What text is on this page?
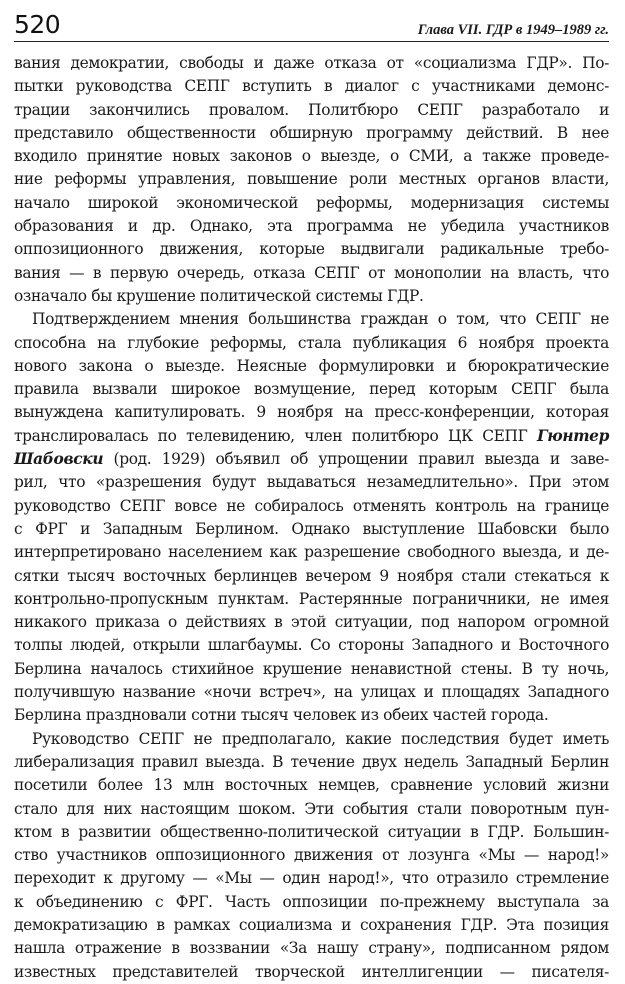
520	Глава VII. ГДР в 1949–1989 гг.
вания демократии, свободы и даже отказа от «социализма ГДР». По-
пытки руководства СЕПГ вступить в диалог с участниками демонс-
трации закончились провалом. Политбюро СЕПГ разработало и
представило общественности обширную программу действий. В нее
входило принятие новых законов о выезде, о СМИ, а также проведе-
ние реформы управления, повышение роли местных органов власти,
начало широкой экономической реформы, модернизация системы
образования и др. Однако, эта программа не убедила участников
оппозиционного движения, которые выдвигали радикальные требо-
вания — в первую очередь, отказа СЕПГ от монополии на власть, что
означало бы крушение политической системы ГДР.
Подтверждением мнения большинства граждан о том, что СЕПГ не
способна на глубокие реформы, стала публикация 6 ноября проекта
нового закона о выезде. Неясные формулировки и бюрократические
правила вызвали широкое возмущение, перед которым СЕПГ была
вынуждена капитулировать. 9 ноября на пресс-конференции, которая
транслировалась по телевидению, член политбюро ЦК СЕПГ Гюнтер
Шабовски (род. 1929) объявил об упрощении правил выезда и заве-
рил, что «разрешения будут выдаваться незамедлительно». При этом
руководство СЕПГ вовсе не собиралось отменять контроль на границе
с ФРГ и Западным Берлином. Однако выступление Шабовски было
интерпретировано населением как разрешение свободного выезда, и де-
сятки тысяч восточных берлинцев вечером 9 ноября стали стекаться к
контрольно-пропускным пунктам. Растерянные пограничники, не имея
никакого приказа о действиях в этой ситуации, под напором огромной
толпы людей, открыли шлагбаумы. Со стороны Западного и Восточного
Берлина началось стихийное крушение ненавистной стены. В ту ночь,
получившую название «ночи встреч», на улицах и площадях Западного
Берлина праздновали сотни тысяч человек из обеих частей города.
Руководство СЕПГ не предполагало, какие последствия будет иметь
либерализация правил выезда. В течение двух недель Западный Берлин
посетили более 13 млн восточных немцев, сравнение условий жизни
стало для них настоящим шоком. Эти события стали поворотным пун-
ктом в развитии общественно-политической ситуации в ГДР. Большин-
ство участников оппозиционного движения от лозунга «Мы — народ!»
переходит к другому — «Мы — один народ!», что отразило стремление
к объединению с ФРГ. Часть оппозиции по-прежнему выступала за
демократизацию в рамках социализма и сохранения ГДР. Эта позиция
нашла отражение в воззвании «За нашу страну», подписанном рядом
известных представителей творческой интеллигенции — писателя-
